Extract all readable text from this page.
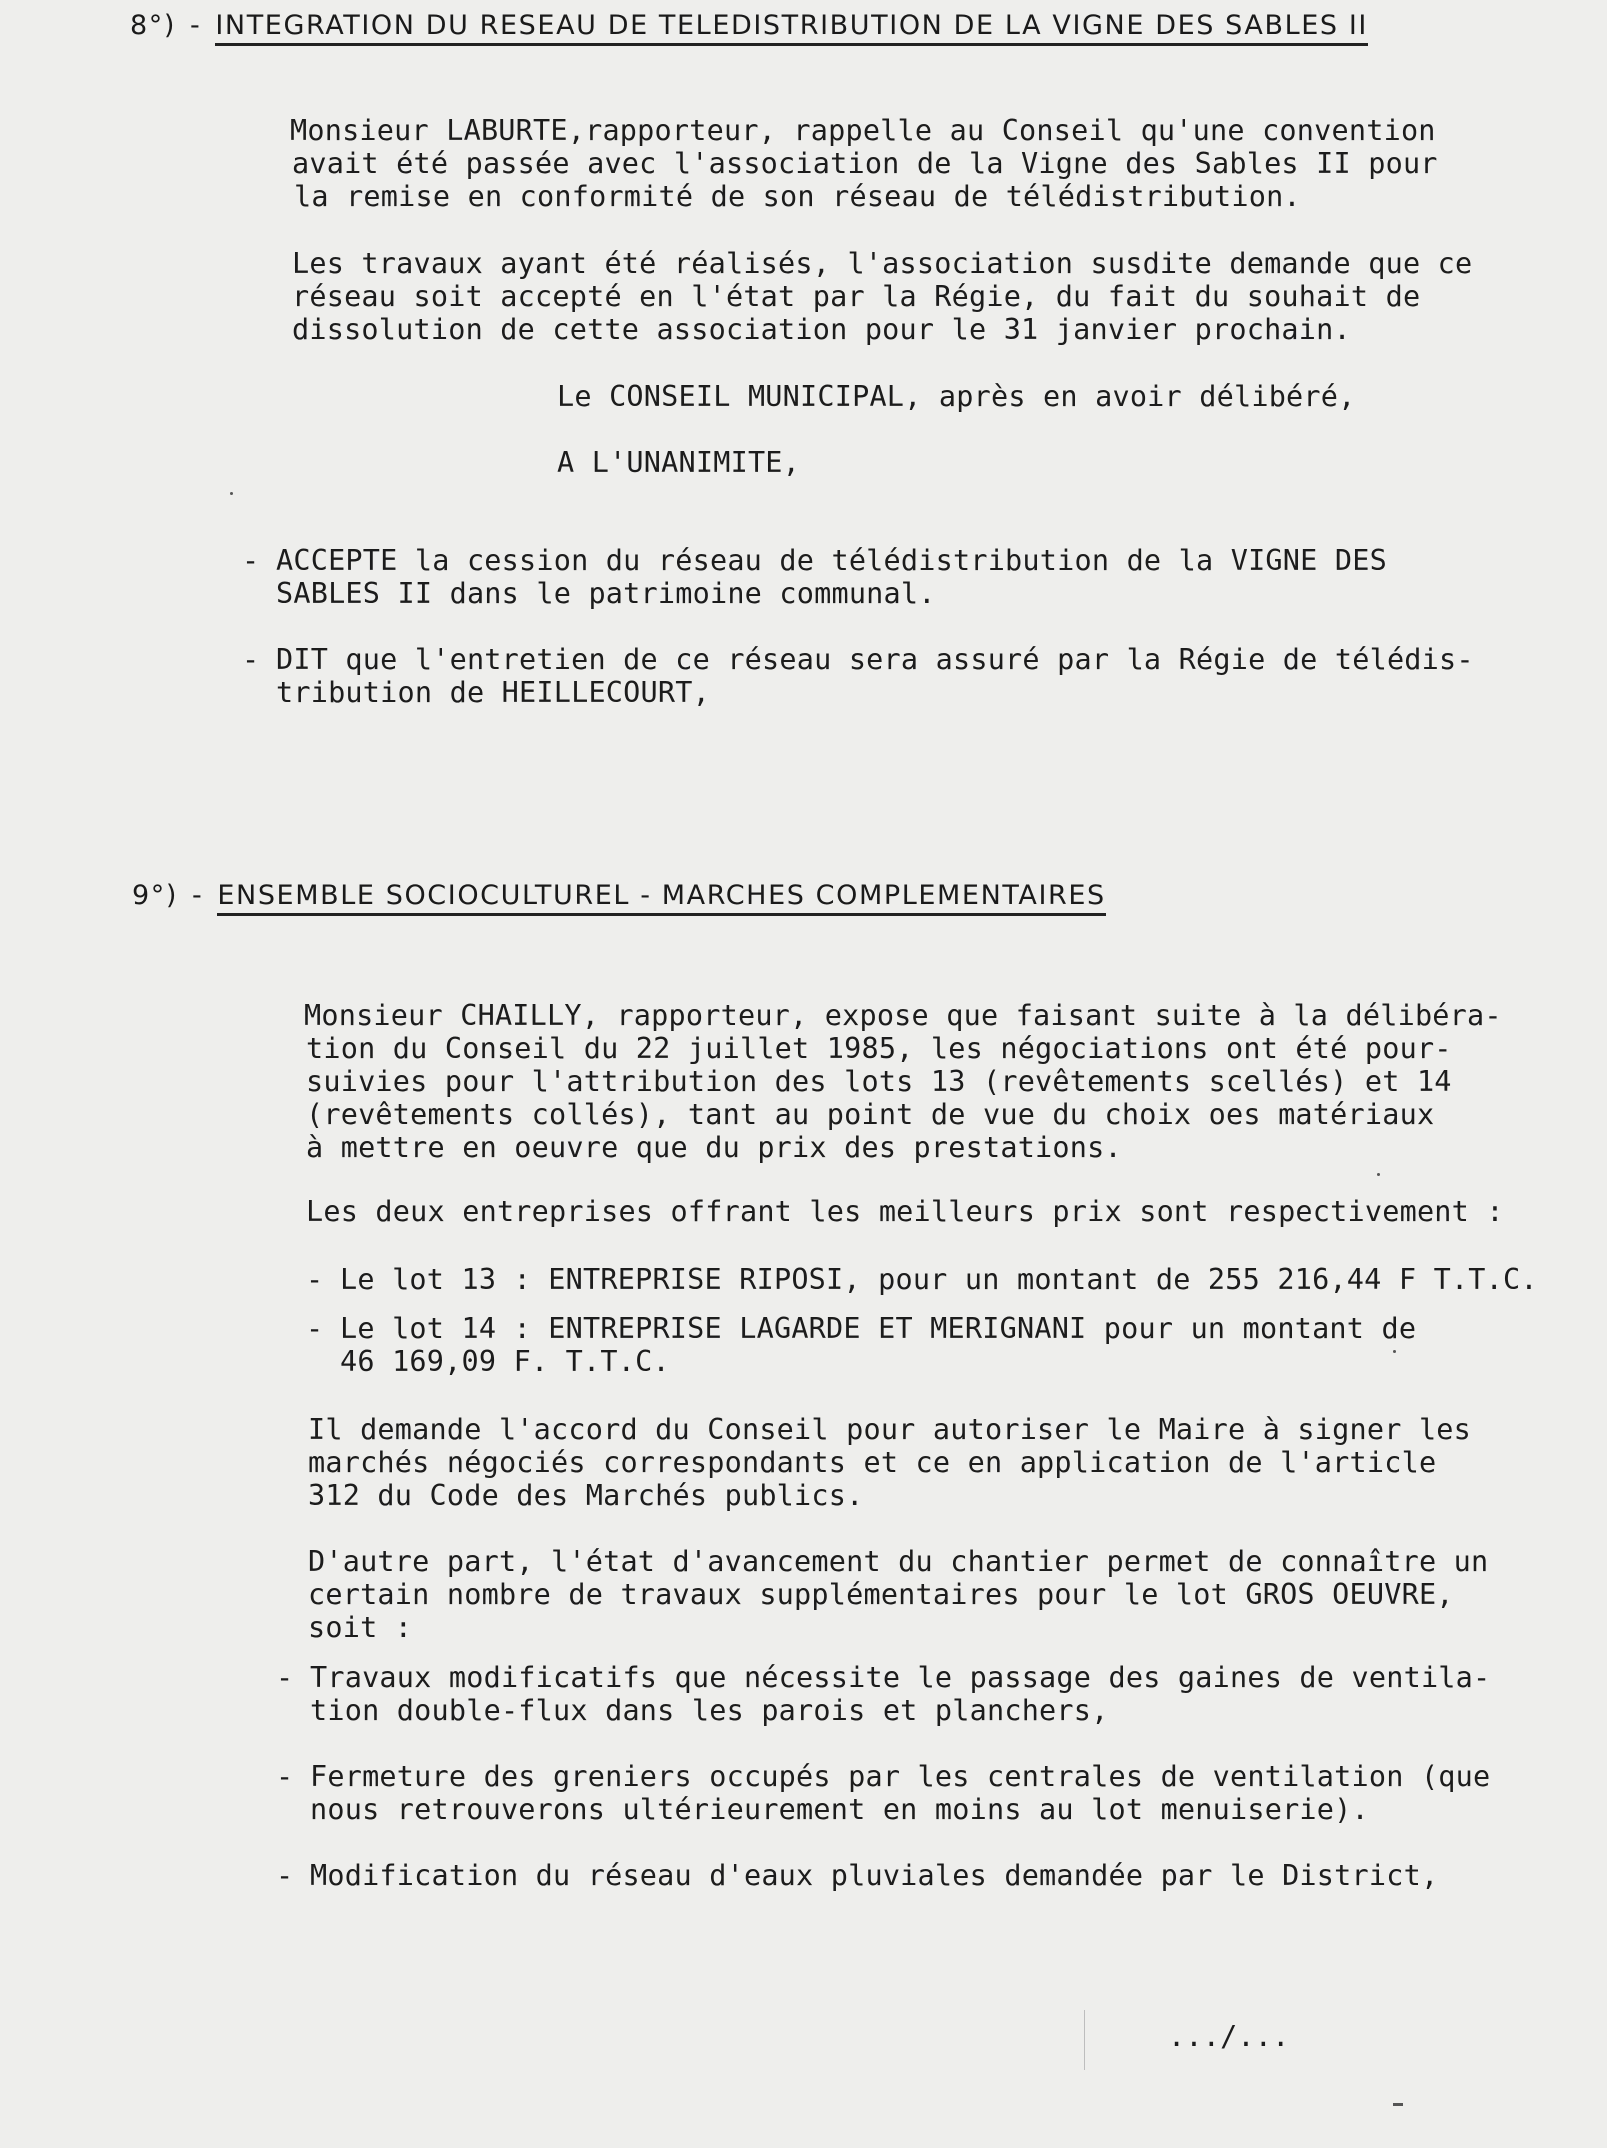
8°) - INTEGRATION DU RESEAU DE TELEDISTRIBUTION DE LA VIGNE DES SABLES II
Monsieur LABURTE,rapporteur, rappelle au Conseil qu'une convention
avait été passée avec l'association de la Vigne des Sables II pour
la remise en conformité de son réseau de télédistribution.
Les travaux ayant été réalisés, l'association susdite demande que ce
réseau soit accepté en l'état par la Régie, du fait du souhait de
dissolution de cette association pour le 31 janvier prochain.
Le CONSEIL MUNICIPAL, après en avoir délibéré,
A L'UNANIMITE,
- ACCEPTE la cession du réseau de télédistribution de la VIGNE DES
SABLES II dans le patrimoine communal.
- DIT que l'entretien de ce réseau sera assuré par la Régie de télédis-
tribution de HEILLECOURT,
9°) - ENSEMBLE SOCIOCULTUREL - MARCHES COMPLEMENTAIRES
Monsieur CHAILLY, rapporteur, expose que faisant suite à la délibéra-
tion du Conseil du 22 juillet 1985, les négociations ont été pour-
suivies pour l'attribution des lots 13 (revêtements scellés) et 14
(revêtements collés), tant au point de vue du choix oes matériaux
à mettre en oeuvre que du prix des prestations.
Les deux entreprises offrant les meilleurs prix sont respectivement :
- Le lot 13 : ENTREPRISE RIPOSI, pour un montant de 255 216,44 F T.T.C.
- Le lot 14 : ENTREPRISE LAGARDE ET MERIGNANI pour un montant de
46 169,09 F. T.T.C.
Il demande l'accord du Conseil pour autoriser le Maire à signer les
marchés négociés correspondants et ce en application de l'article
312 du Code des Marchés publics.
D'autre part, l'état d'avancement du chantier permet de connaître un
certain nombre de travaux supplémentaires pour le lot GROS OEUVRE,
soit :
- Travaux modificatifs que nécessite le passage des gaines de ventila-
tion double-flux dans les parois et planchers,
- Fermeture des greniers occupés par les centrales de ventilation (que
nous retrouverons ultérieurement en moins au lot menuiserie).
- Modification du réseau d'eaux pluviales demandée par le District,
.../...
